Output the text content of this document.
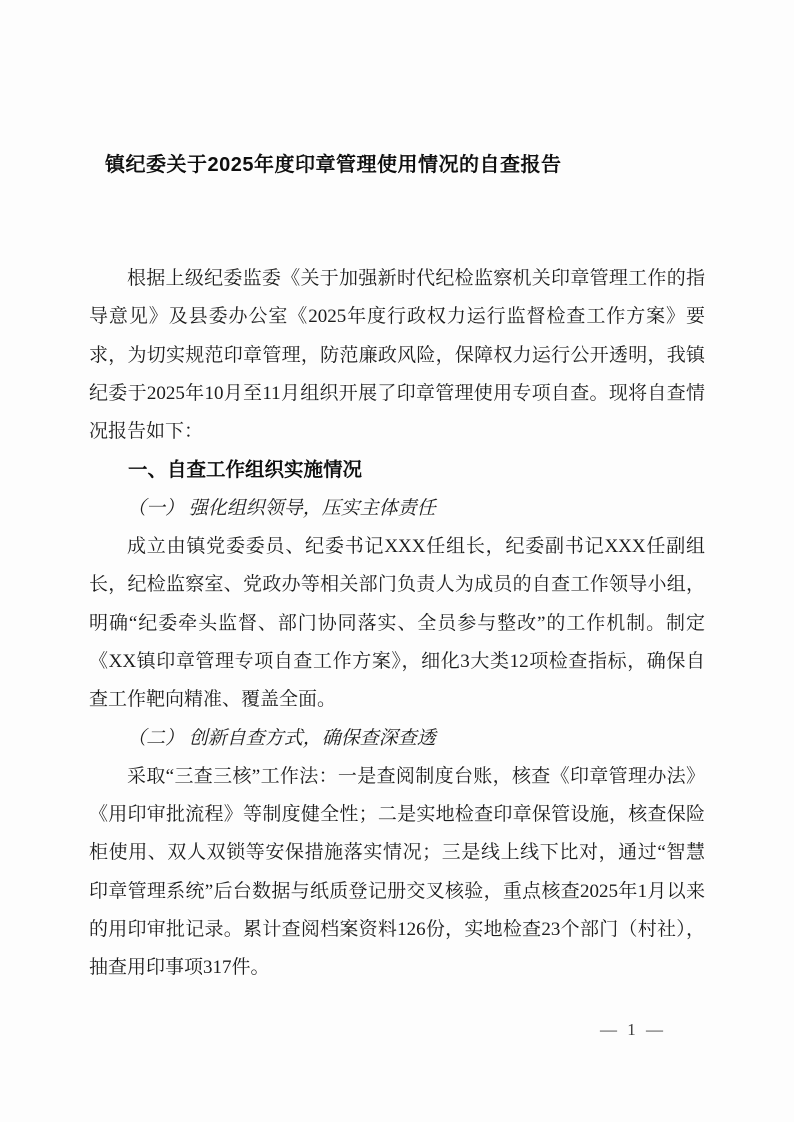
镇纪委关于2025年度印章管理使用情况的自查报告

根据上级纪委监委《关于加强新时代纪检监察机关印章管理工作的指导意见》及县委办公室《2025年度行政权力运行监督检查工作方案》要求，为切实规范印章管理，防范廉政风险，保障权力运行公开透明，我镇纪委于2025年10月至11月组织开展了印章管理使用专项自查。现将自查情况报告如下：

一、自查工作组织实施情况
（一） 强化组织领导，压实主体责任

成立由镇党委委员、纪委书记XXX任组长，纪委副书记XXX任副组长，纪检监察室、党政办等相关部门负责人为成员的自查工作领导小组，明确“纪委牵头监督、部门协同落实、全员参与整改”的工作机制。制定《XX镇印章管理专项自查工作方案》，细化3大类12项检查指标，确保自查工作靶向精准、覆盖全面。

（二） 创新自查方式，确保查深查透

采取“三查三核”工作法：一是查阅制度台账，核查《印章管理办法》《用印审批流程》等制度健全性；二是实地检查印章保管设施，核查保险柜使用、双人双锁等安保措施落实情况；三是线上线下比对，通过“智慧印章管理系统”后台数据与纸质登记册交叉核验，重点核查2025年1月以来的用印审批记录。累计查阅档案资料126份，实地检查23个部门（村社），抽查用印事项317件。

— 1 —
